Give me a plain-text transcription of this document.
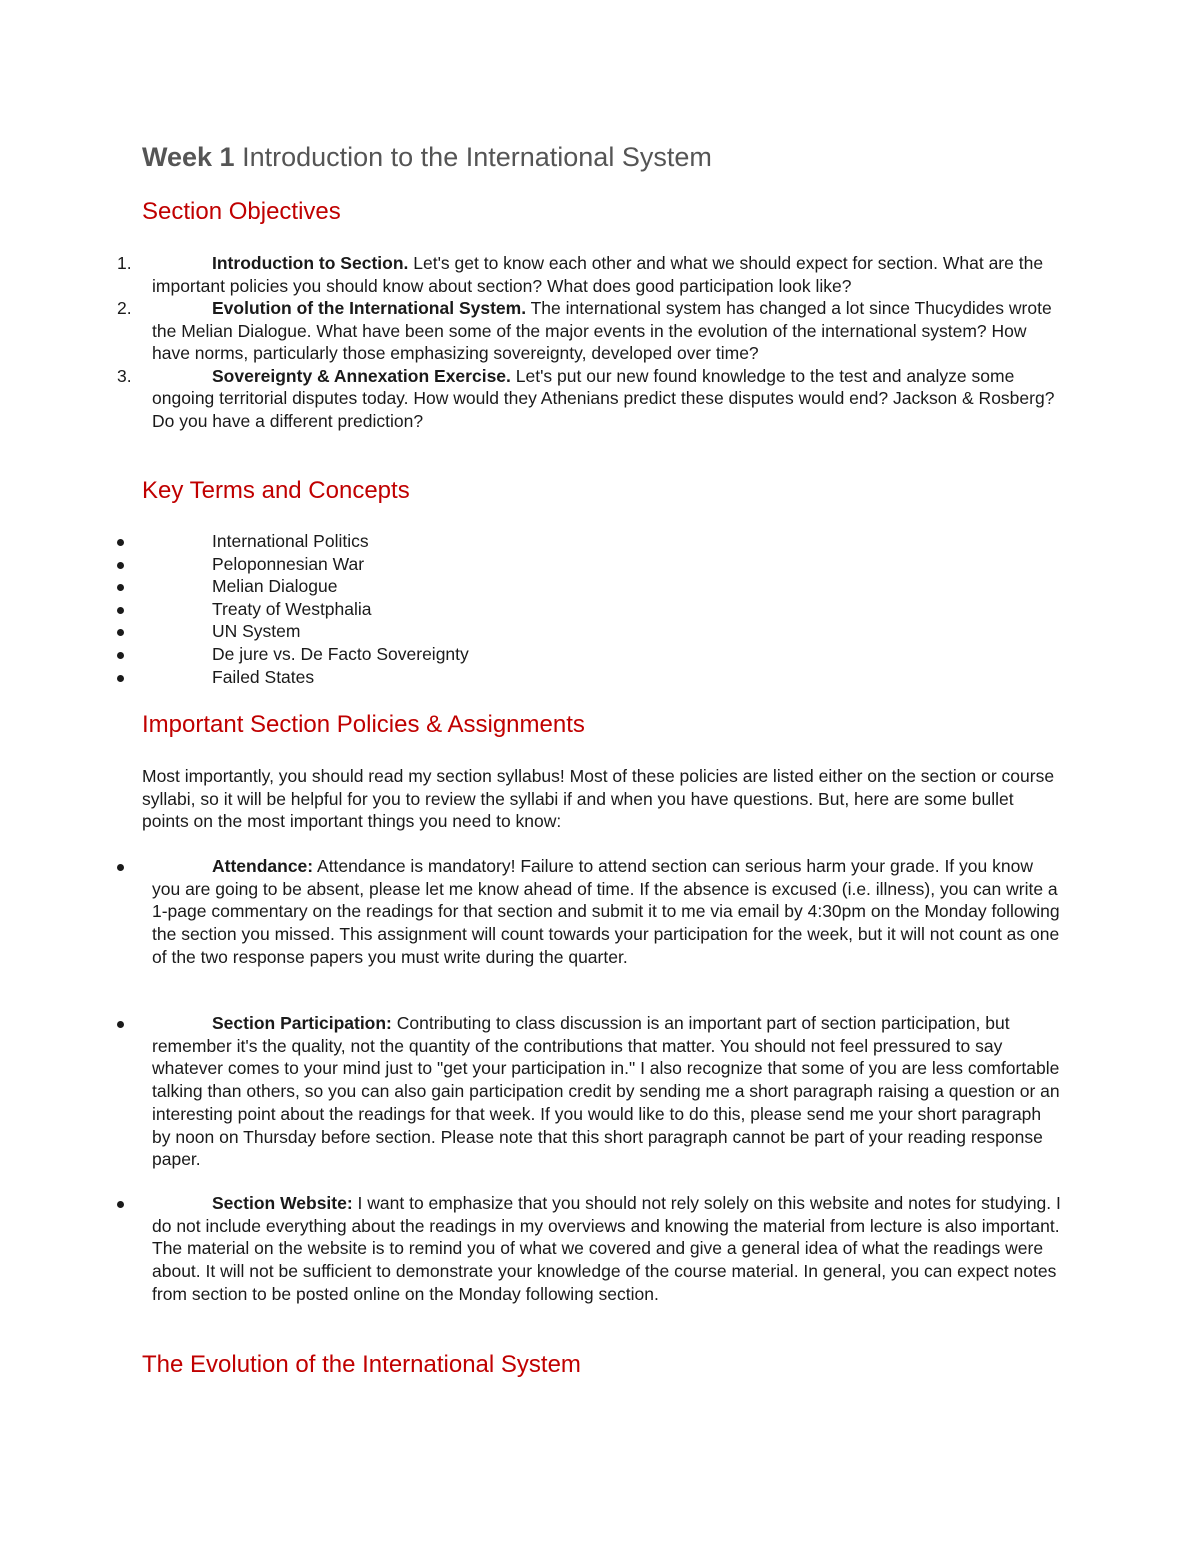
Week 1 Introduction to the International System
Section Objectives
1.	Introduction to Section. Let's get to know each other and what we should expect for section. What are the important policies you should know about section? What does good participation look like?
2.	Evolution of the International System. The international system has changed a lot since Thucydides wrote the Melian Dialogue. What have been some of the major events in the evolution of the international system? How have norms, particularly those emphasizing sovereignty, developed over time?
3.	Sovereignty & Annexation Exercise. Let's put our new found knowledge to the test and analyze some ongoing territorial disputes today. How would they Athenians predict these disputes would end? Jackson & Rosberg? Do you have a different prediction?
Key Terms and Concepts
International Politics
Peloponnesian War
Melian Dialogue
Treaty of Westphalia
UN System
De jure vs. De Facto Sovereignty
Failed States
Important Section Policies & Assignments

Most importantly, you should read my section syllabus! Most of these policies are listed either on the section or course syllabi, so it will be helpful for you to review the syllabi if and when you have questions. But, here are some bullet points on the most important things you need to know:

Attendance: Attendance is mandatory! Failure to attend section can serious harm your grade. If you know you are going to be absent, please let me know ahead of time. If the absence is excused (i.e. illness), you can write a 1-page commentary on the readings for that section and submit it to me via email by 4:30pm on the Monday following the section you missed. This assignment will count towards your participation for the week, but it will not count as one of the two response papers you must write during the quarter.
Section Participation: Contributing to class discussion is an important part of section participation, but remember it's the quality, not the quantity of the contributions that matter. You should not feel pressured to say whatever comes to your mind just to "get your participation in." I also recognize that some of you are less comfortable talking than others, so you can also gain participation credit by sending me a short paragraph raising a question or an interesting point about the readings for that week. If you would like to do this, please send me your short paragraph by noon on Thursday before section. Please note that this short paragraph cannot be part of your reading response paper.
Section Website: I want to emphasize that you should not rely solely on this website and notes for studying. I do not include everything about the readings in my overviews and knowing the material from lecture is also important. The material on the website is to remind you of what we covered and give a general idea of what the readings were about. It will not be sufficient to demonstrate your knowledge of the course material. In general, you can expect notes from section to be posted online on the Monday following section.
The Evolution of the International System
